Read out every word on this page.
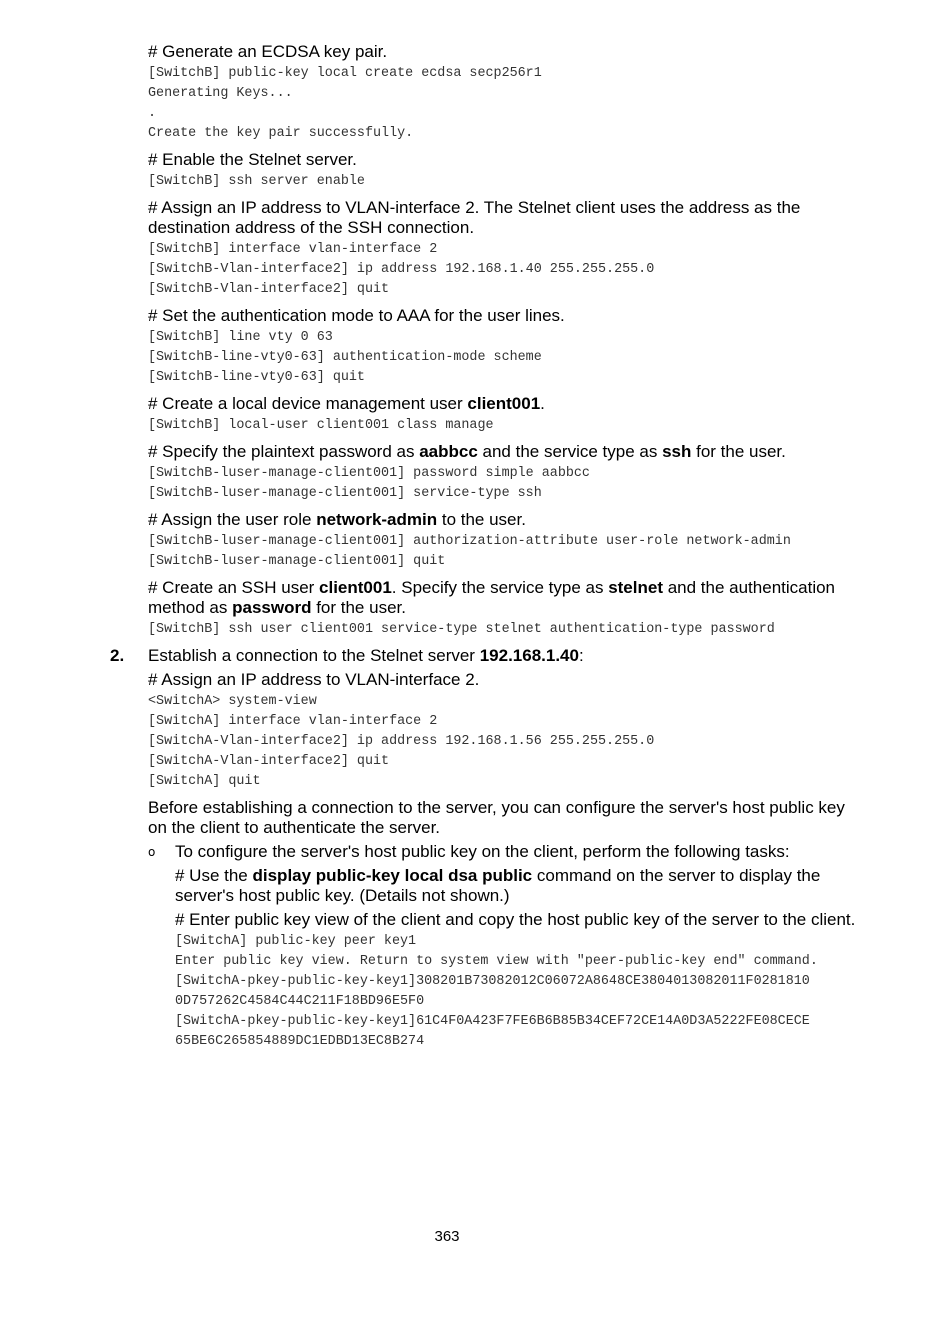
# Generate an ECDSA key pair.

[SwitchB] public-key local create ecdsa secp256r1
Generating Keys...
.
Create the key pair successfully.

# Enable the Stelnet server.

[SwitchB] ssh server enable

# Assign an IP address to VLAN-interface 2. The Stelnet client uses the address as the destination address of the SSH connection.

[SwitchB] interface vlan-interface 2
[SwitchB-Vlan-interface2] ip address 192.168.1.40 255.255.255.0
[SwitchB-Vlan-interface2] quit

# Set the authentication mode to AAA for the user lines.

[SwitchB] line vty 0 63
[SwitchB-line-vty0-63] authentication-mode scheme
[SwitchB-line-vty0-63] quit

# Create a local device management user client001.

[SwitchB] local-user client001 class manage

# Specify the plaintext password as aabbcc and the service type as ssh for the user.

[SwitchB-luser-manage-client001] password simple aabbcc
[SwitchB-luser-manage-client001] service-type ssh

# Assign the user role network-admin to the user.

[SwitchB-luser-manage-client001] authorization-attribute user-role network-admin
[SwitchB-luser-manage-client001] quit

# Create an SSH user client001. Specify the service type as stelnet and the authentication method as password for the user.

[SwitchB] ssh user client001 service-type stelnet authentication-type password
2. Establish a connection to the Stelnet server 192.168.1.40:

# Assign an IP address to VLAN-interface 2.

<SwitchA> system-view
[SwitchA] interface vlan-interface 2
[SwitchA-Vlan-interface2] ip address 192.168.1.56 255.255.255.0
[SwitchA-Vlan-interface2] quit
[SwitchA] quit

Before establishing a connection to the server, you can configure the server's host public key on the client to authenticate the server.

o To configure the server's host public key on the client, perform the following tasks:

# Use the display public-key local dsa public command on the server to display the server's host public key. (Details not shown.)

# Enter public key view of the client and copy the host public key of the server to the client.

[SwitchA] public-key peer key1
Enter public key view. Return to system view with "peer-public-key end" command.
[SwitchA-pkey-public-key-key1]308201B73082012C06072A8648CE3804013082011F0281810
0D757262C4584C44C211F18BD96E5F0
[SwitchA-pkey-public-key-key1]61C4F0A423F7FE6B6B85B34CEF72CE14A0D3A5222FE08CECE
65BE6C265854889DC1EDBD13EC8B274
363
